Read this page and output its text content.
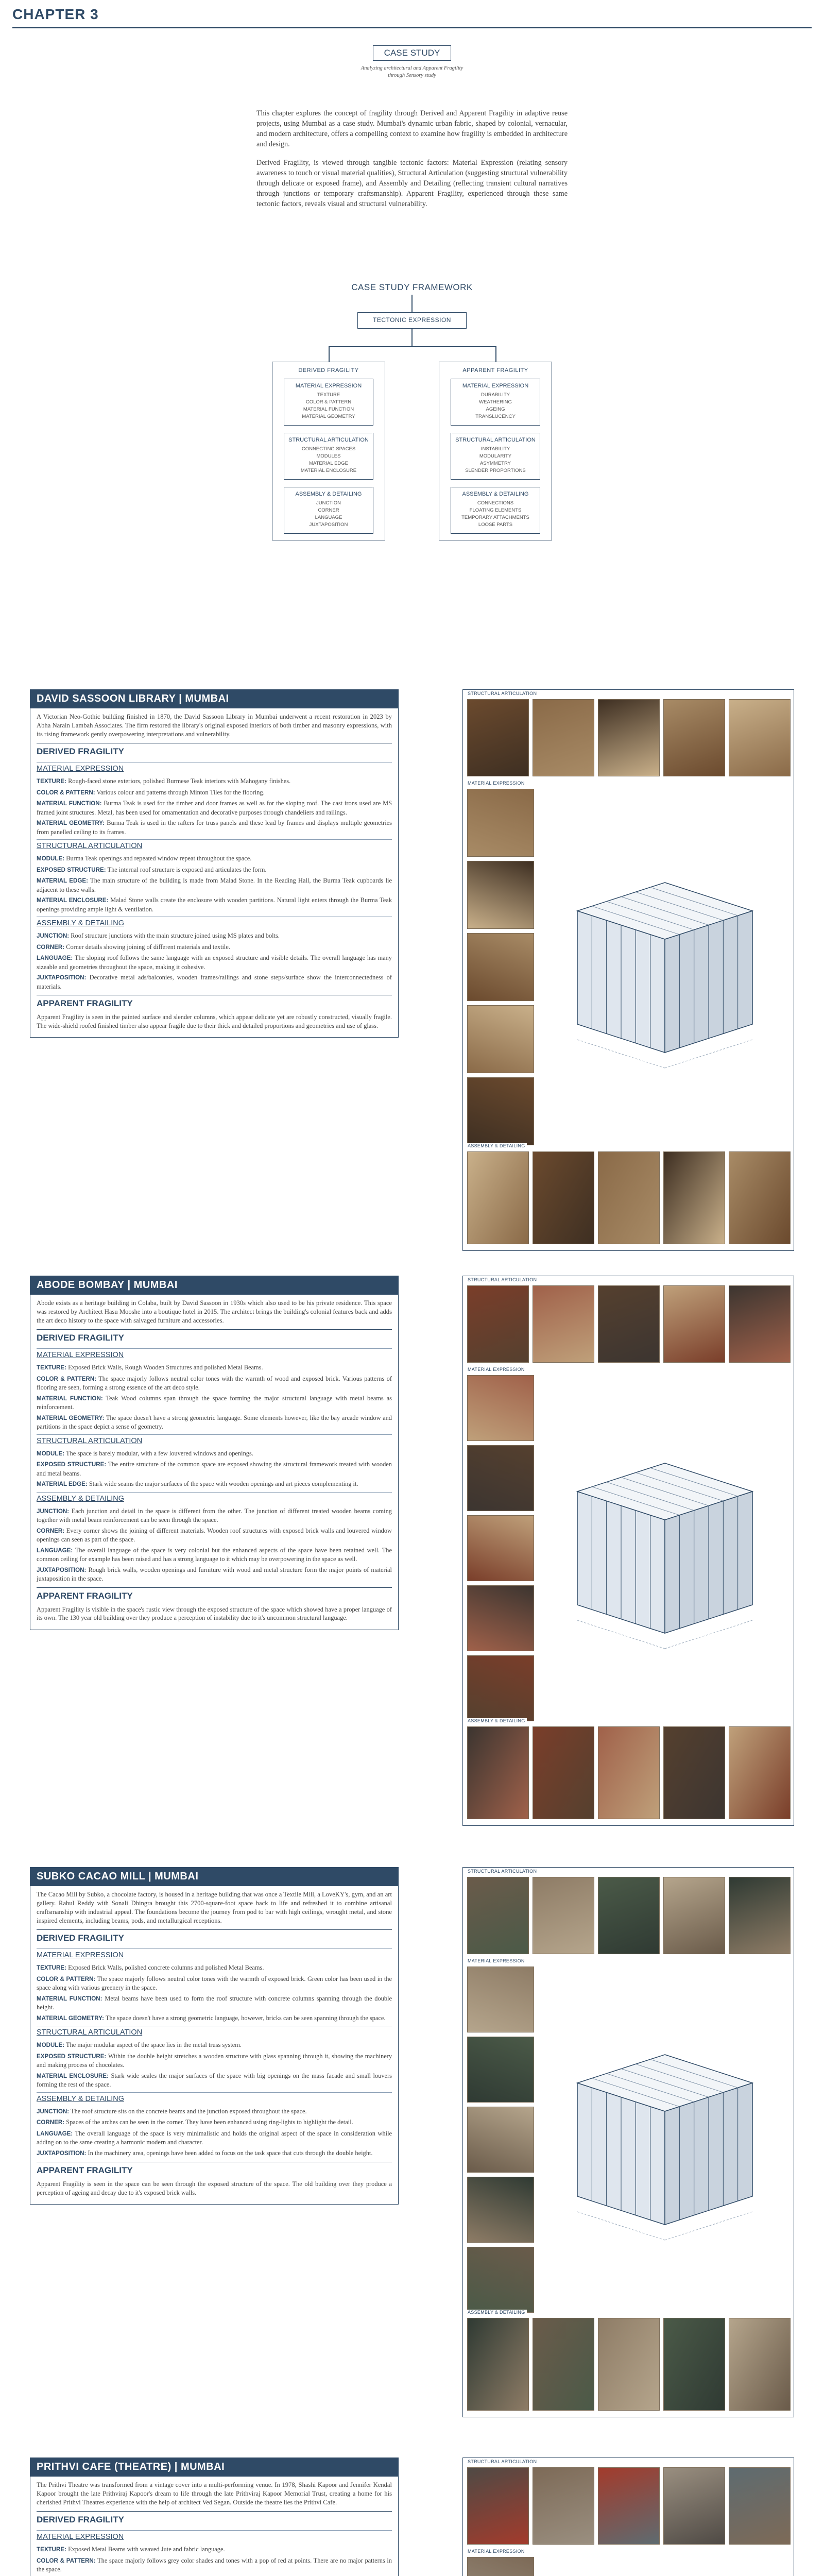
CHAPTER 3
CASE STUDY
Analyzing architectural and Apparent Fragility through Sensory study

This chapter explores the concept of fragility through Derived and Apparent Fragility in adaptive reuse projects, using Mumbai as a case study. Mumbai's dynamic urban fabric, shaped by colonial, vernacular, and modern architecture, offers a compelling context to examine how fragility is embedded in architecture and design.

Derived Fragility, is viewed through tangible tectonic factors: Material Expression (relating sensory awareness to touch or visual material qualities), Structural Articulation (suggesting structural vulnerability through delicate or exposed frame), and Assembly and Detailing (reflecting transient cultural narratives through junctions or temporary craftsmanship). Apparent Fragility, experienced through these same tectonic factors, reveals visual and structural vulnerability.

CASE STUDY FRAMEWORK
TECTONIC EXPRESSION
DERIVED FRAGILITY
MATERIAL EXPRESSION
TEXTURE
COLOR & PATTERN
MATERIAL FUNCTION
MATERIAL GEOMETRY
STRUCTURAL ARTICULATION
CONNECTING SPACES
MODULES
MATERIAL EDGE
MATERIAL ENCLOSURE
ASSEMBLY & DETAILING
JUNCTION
CORNER
LANGUAGE
JUXTAPOSITION
APPARENT FRAGILITY
MATERIAL EXPRESSION
DURABILITY
WEATHERING
AGEING
TRANSLUCENCY
STRUCTURAL ARTICULATION
INSTABILITY
MODULARITY
ASYMMETRY
SLENDER PROPORTIONS
ASSEMBLY & DETAILING
CONNECTIONS
FLOATING ELEMENTS
TEMPORARY ATTACHMENTS
LOOSE PARTS
DAVID SASSOON LIBRARY | MUMBAI
A Victorian Neo-Gothic building finished in 1870, the David Sassoon Library in Mumbai underwent a recent restoration in 2023 by Abha Narain Lambah Associates. The firm restored the library's original exposed interiors of both timber and masonry expressions, with its rising framework gently overpowering interpretations and vulnerability.
DERIVED FRAGILITY
MATERIAL EXPRESSION
TEXTURE: Rough-faced stone exteriors, polished Burmese Teak interiors with Mahogany finishes.
COLOR & PATTERN: Various colour and patterns through Minton Tiles for the flooring.
MATERIAL FUNCTION: Burma Teak is used for the timber and door frames as well as for the sloping roof. The cast irons used are MS framed joint structures. Metal, has been used for ornamentation and decorative purposes through chandeliers and railings.
MATERIAL GEOMETRY: Burma Teak is used in the rafters for truss panels and these lead by frames and displays multiple geometries from panelled ceiling to its frames.
STRUCTURAL ARTICULATION
MODULE: Burma Teak openings and repeated window repeat throughout the space.
EXPOSED STRUCTURE: The internal roof structure is exposed and articulates the form.
MATERIAL EDGE: The main structure of the building is made from Malad Stone. In the Reading Hall, the Burma Teak cupboards lie adjacent to these walls.
MATERIAL ENCLOSURE: Malad Stone walls create the enclosure with wooden partitions. Natural light enters through the Burma Teak openings providing ample light & ventilation.
ASSEMBLY & DETAILING
JUNCTION: Roof structure junctions with the main structure joined using MS plates and bolts.
CORNER: Corner details showing joining of different materials and textile.
LANGUAGE: The sloping roof follows the same language with an exposed structure and visible details. The overall language has many sizeable and geometries throughout the space, making it cohesive.
JUXTAPOSITION: Decorative metal ads/balconies, wooden frames/railings and stone steps/surface show the interconnectedness of materials.
APPARENT FRAGILITY
Apparent Fragility is seen in the painted surface and slender columns, which appear delicate yet are robustly constructed, visually fragile. The wide-shield roofed finished timber also appear fragile due to their thick and detailed proportions and geometries and use of glass.
STRUCTURAL ARTICULATION
MATERIAL EXPRESSION
ASSEMBLY & DETAILING
ABODE BOMBAY | MUMBAI
Abode exists as a heritage building in Colaba, built by David Sassoon in 1930s which also used to be his private residence. This space was restored by Architect Hasu Mooshe into a boutique hotel in 2015. The architect brings the building's colonial features back and adds the art deco history to the space with salvaged furniture and accessories.
DERIVED FRAGILITY
MATERIAL EXPRESSION
TEXTURE: Exposed Brick Walls, Rough Wooden Structures and polished Metal Beams.
COLOR & PATTERN: The space majorly follows neutral color tones with the warmth of wood and exposed brick. Various patterns of flooring are seen, forming a strong essence of the art deco style.
MATERIAL FUNCTION: Teak Wood columns span through the space forming the major structural language with metal beams as reinforcement.
MATERIAL GEOMETRY: The space doesn't have a strong geometric language. Some elements however, like the bay arcade window and partitions in the space depict a sense of geometry.
STRUCTURAL ARTICULATION
MODULE: The space is barely modular, with a few louvered windows and openings.
EXPOSED STRUCTURE: The entire structure of the common space are exposed showing the structural framework treated with wooden and metal beams.
MATERIAL EDGE: Stark wide seams the major surfaces of the space with wooden openings and art pieces complementing it.
ASSEMBLY & DETAILING
JUNCTION: Each junction and detail in the space is different from the other. The junction of different treated wooden beams coming together with metal beam reinforcement can be seen through the space.
CORNER: Every corner shows the joining of different materials. Wooden roof structures with exposed brick walls and louvered window openings can seen as part of the space.
LANGUAGE: The overall language of the space is very colonial but the enhanced aspects of the space have been retained well. The common ceiling for example has been raised and has a strong language to it which may be overpowering in the space as well.
JUXTAPOSITION: Rough brick walls, wooden openings and furniture with wood and metal structure form the major points of material juxtaposition in the space.
APPARENT FRAGILITY
Apparent Fragility is visible in the space's rustic view through the exposed structure of the space which showed have a proper language of its own. The 130 year old building over they produce a perception of instability due to it's uncommon structural language.
STRUCTURAL ARTICULATION
MATERIAL EXPRESSION
ASSEMBLY & DETAILING
SUBKO CACAO MILL | MUMBAI
The Cacao Mill by Subko, a chocolate factory, is housed in a heritage building that was once a Textile Mill, a LoveKY's, gym, and an art gallery. Rahul Reddy with Sonali Dhingra brought this 2700-square-foot space back to life and refreshed it to combine artisanal craftsmanship with industrial appeal. The foundations become the journey from pod to bar with high ceilings, wrought metal, and stone inspired elements, including beams, pods, and metallurgical receptions.
DERIVED FRAGILITY
MATERIAL EXPRESSION
TEXTURE: Exposed Brick Walls, polished concrete columns and polished Metal Beams.
COLOR & PATTERN: The space majorly follows neutral color tones with the warmth of exposed brick. Green color has been used in the space along with various greenery in the space.
MATERIAL FUNCTION: Metal beams have been used to form the roof structure with concrete columns spanning through the double height.
MATERIAL GEOMETRY: The space doesn't have a strong geometric language, however, bricks can be seen spanning through the space.
STRUCTURAL ARTICULATION
MODULE: The major modular aspect of the space lies in the metal truss system.
EXPOSED STRUCTURE: Within the double height stretches a wooden structure with glass spanning through it, showing the machinery and making process of chocolates.
MATERIAL ENCLOSURE: Stark wide scales the major surfaces of the space with big openings on the mass facade and small louvers forming the rest of the space.
ASSEMBLY & DETAILING
JUNCTION: The roof structure sits on the concrete beams and the junction exposed throughout the space.
CORNER: Spaces of the arches can be seen in the corner. They have been enhanced using ring-lights to highlight the detail.
LANGUAGE: The overall language of the space is very minimalistic and holds the original aspect of the space in consideration while adding on to the same creating a harmonic modern and character.
JUXTAPOSITION: In the machinery area, openings have been added to focus on the task space that cuts through the double height.
APPARENT FRAGILITY
Apparent Fragility is seen in the space can be seen through the exposed structure of the space. The old building over they produce a perception of ageing and decay due to it's exposed brick walls.
STRUCTURAL ARTICULATION
MATERIAL EXPRESSION
ASSEMBLY & DETAILING
PRITHVI CAFE (THEATRE) | MUMBAI
The Prithvi Theatre was transformed from a vintage cover into a multi-performing venue. In 1978, Shashi Kapoor and Jennifer Kendal Kapoor brought the late Prithviraj Kapoor's dream to life through the late Prithviraj Kapoor Memorial Trust, creating a home for his cherished Prithvi Theatres experience with the help of architect Ved Segan. Outside the theatre lies the Prithvi Cafe.
DERIVED FRAGILITY
MATERIAL EXPRESSION
TEXTURE: Exposed Metal Beams with weaved Jute and fabric language.
COLOR & PATTERN: The space majorly follows grey color shades and tones with a pop of red at points. There are no major patterns in the space.
STRUCTURAL ARTICULATION
MATERIAL EXPRESSION
